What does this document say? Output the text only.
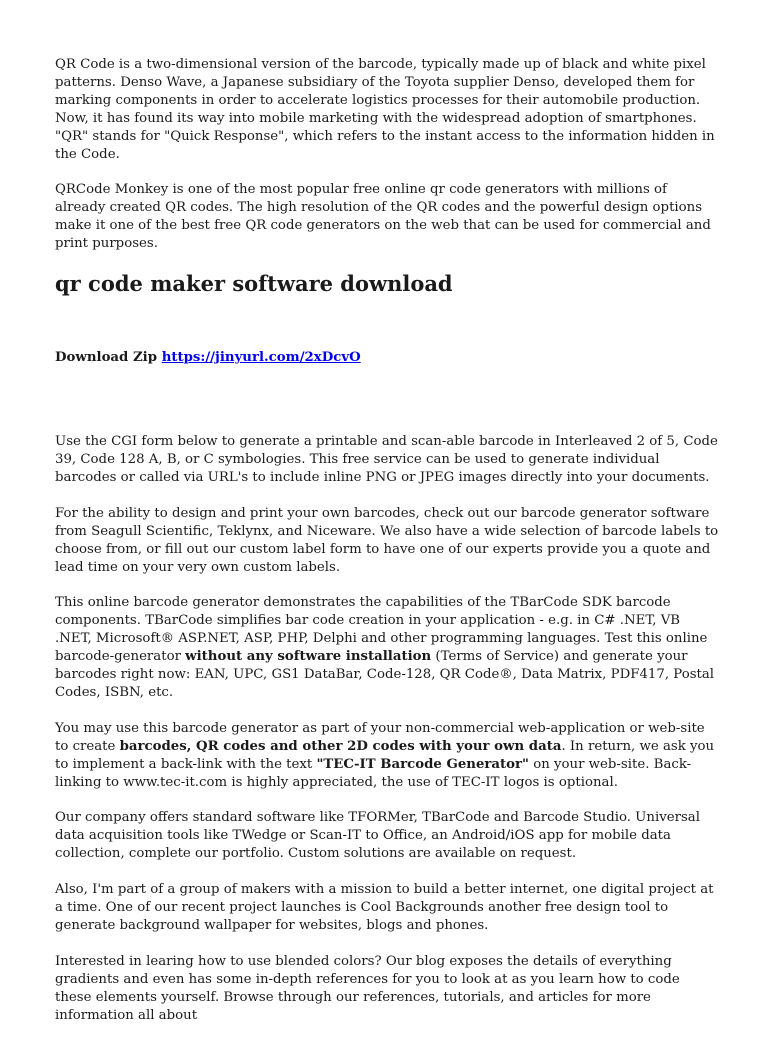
QR Code is a two-dimensional version of the barcode, typically made up of black and white pixel patterns. Denso Wave, a Japanese subsidiary of the Toyota supplier Denso, developed them for marking components in order to accelerate logistics processes for their automobile production. Now, it has found its way into mobile marketing with the widespread adoption of smartphones. "QR" stands for "Quick Response", which refers to the instant access to the information hidden in the Code.

QRCode Monkey is one of the most popular free online qr code generators with millions of already created QR codes. The high resolution of the QR codes and the powerful design options make it one of the best free QR code generators on the web that can be used for commercial and print purposes.

qr code maker software download
Download Zip https://jinyurl.com/2xDcvO

Use the CGI form below to generate a printable and scan-able barcode in Interleaved 2 of 5, Code 39, Code 128 A, B, or C symbologies. This free service can be used to generate individual barcodes or called via URL's to include inline PNG or JPEG images directly into your documents.

For the ability to design and print your own barcodes, check out our barcode generator software from Seagull Scientific, Teklynx, and Niceware. We also have a wide selection of barcode labels to choose from, or fill out our custom label form to have one of our experts provide you a quote and lead time on your very own custom labels.

This online barcode generator demonstrates the capabilities of the TBarCode SDK barcode components. TBarCode simplifies bar code creation in your application - e.g. in C# .NET, VB .NET, Microsoft® ASP.NET, ASP, PHP, Delphi and other programming languages. Test this online barcode-generator without any software installation (Terms of Service) and generate your barcodes right now: EAN, UPC, GS1 DataBar, Code-128, QR Code®, Data Matrix, PDF417, Postal Codes, ISBN, etc.

You may use this barcode generator as part of your non-commercial web-application or web-site to create barcodes, QR codes and other 2D codes with your own data. In return, we ask you to implement a back-link with the text "TEC-IT Barcode Generator" on your web-site. Back-linking to www.tec-it.com is highly appreciated, the use of TEC-IT logos is optional.

Our company offers standard software like TFORMer, TBarCode and Barcode Studio. Universal data acquisition tools like TWedge or Scan-IT to Office, an Android/iOS app for mobile data collection, complete our portfolio. Custom solutions are available on request.

Also, I'm part of a group of makers with a mission to build a better internet, one digital project at a time. One of our recent project launches is Cool Backgrounds another free design tool to generate background wallpaper for websites, blogs and phones.

Interested in learing how to use blended colors? Our blog exposes the details of everything gradients and even has some in-depth references for you to look at as you learn how to code these elements yourself. Browse through our references, tutorials, and articles for more information all about
